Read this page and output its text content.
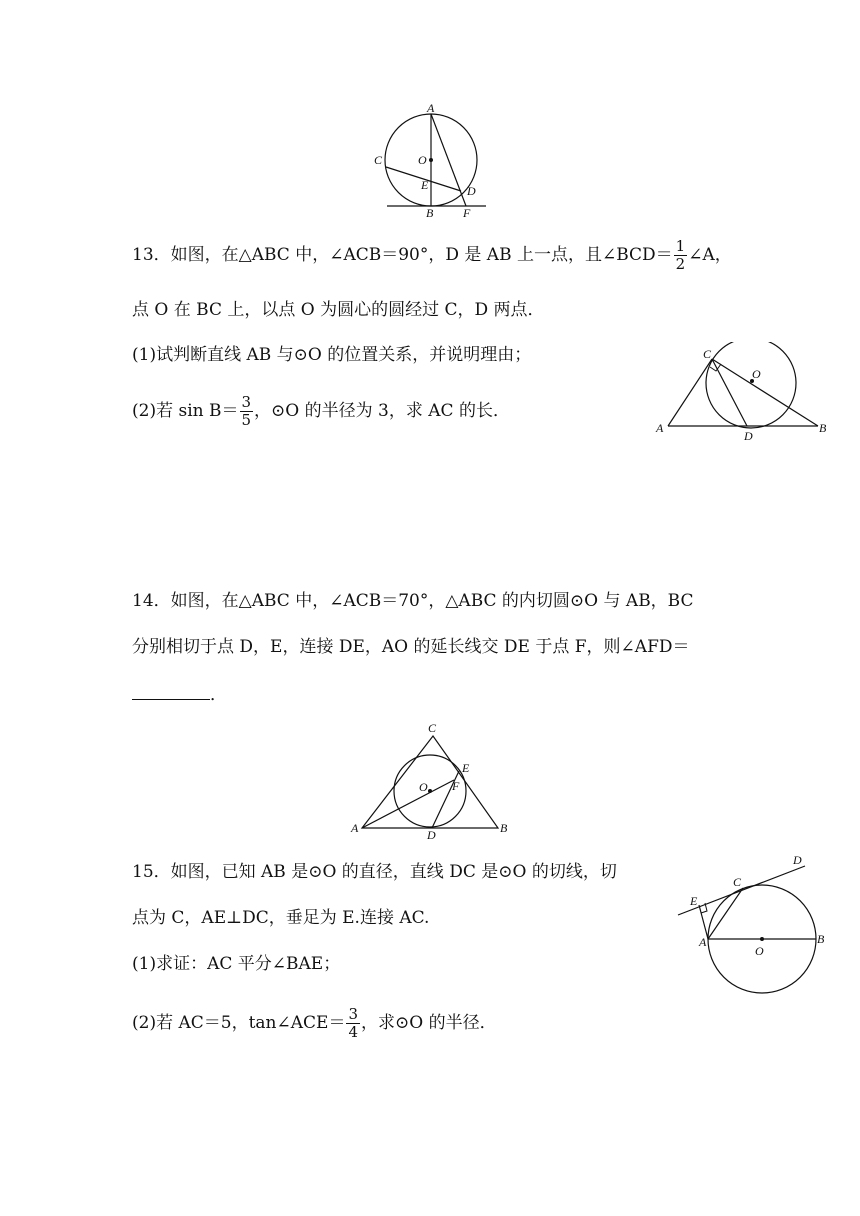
A
O
C
E	D
B F
13．如图，在△ABC 中，∠ACB＝90°，D 是 AB 上一点，且∠BCD＝ $\frac{1}{2}$ ∠A，
点 O 在 BC 上，以点 O 为圆心的圆经过 C，D 两点．
(1)试判断直线 AB 与⊙O 的位置关系，并说明理由；
(2)若 $\sin B= \frac{3}{5}$ ，⊙O 的半径为 3，求 AC 的长．
C
O
A
D
B
14．如图，在△ABC 中，∠ACB＝70°，△ABC 的内切圆⊙O 与 AB，BC
分别相切于点 D，E，连接 DE，AO 的延长线交 DE 于点 F，则∠AFD＝
．
C
E
O F
A	D	B
15．如图，已知 AB 是⊙O 的直径，直线 DC 是⊙O 的切线，切
点为 C，AE⊥DC，垂足为 E.连接 AC.
(1)求证：AC 平分∠BAE；
(2)若 AC＝5，tan∠ACE＝ $\frac{3}{4}$ ，求⊙O 的半径．
D
C
E
A
O
B
